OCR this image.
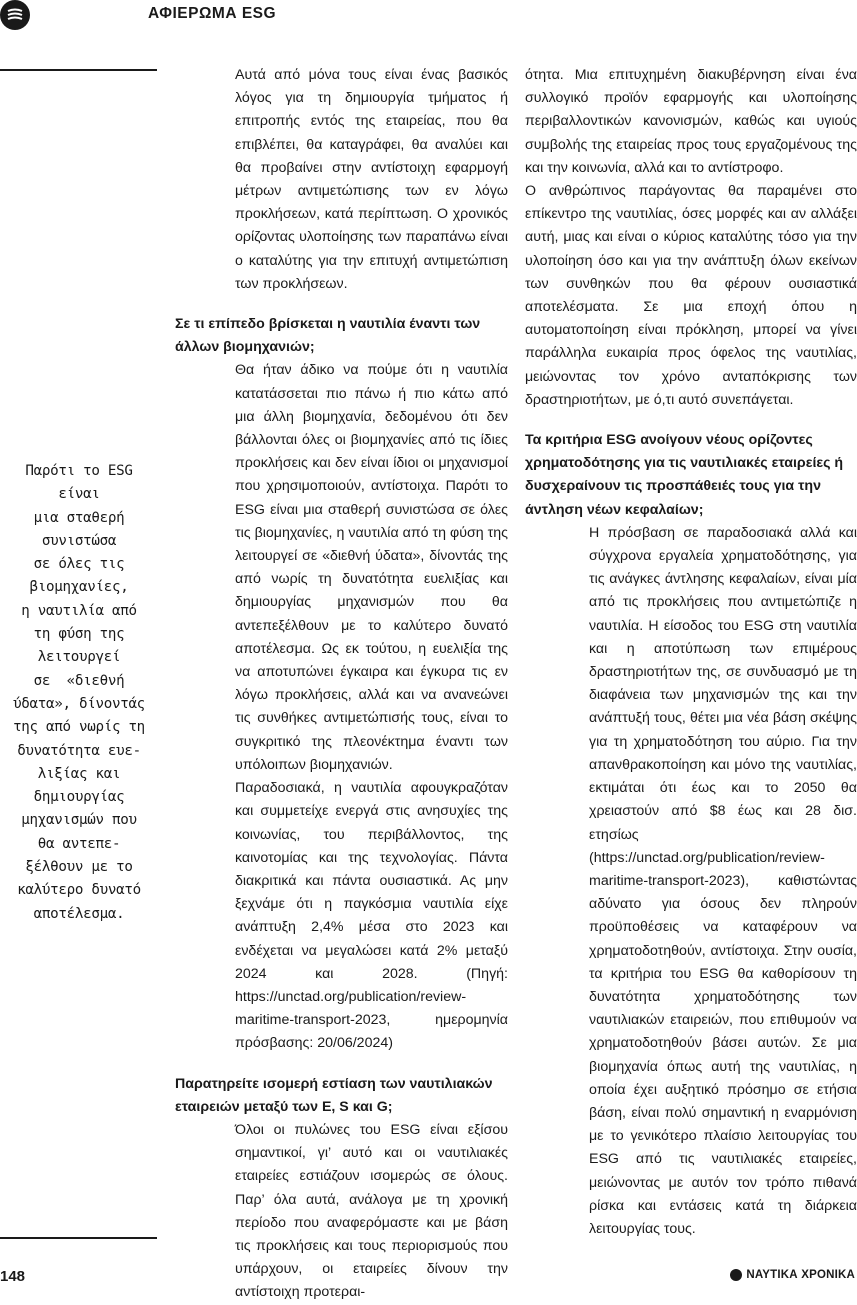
ΑΦΙΕΡΩΜΑ ESG
Παρότι το ESG
είναι
μια σταθερή
συνιστώσα
σε όλες τις
βιομηχανίες,
η ναυτιλία από
τη φύση της
λειτουργεί
σε  «διεθνή
ύδατα», δίνοντάς
της από νωρίς τη
δυνατότητα ευε-
λιξίας και
δημιουργίας
μηχανισμών που
θα αντεπε-
ξέλθουν με το
καλύτερο δυνατό
αποτέλεσμα.

Αυτά από μόνα τους είναι ένας βασικός λόγος για τη δημιουργία τμήματος ή επιτροπής εντός της εταιρείας, που θα επιβλέπει, θα καταγράφει, θα αναλύει και θα προβαίνει στην αντίστοιχη εφαρμογή μέτρων αντιμετώπισης των εν λόγω προκλήσεων, κατά περίπτωση. Ο χρονικός ορίζοντας υλοποίησης των παραπάνω είναι ο καταλύτης για την επιτυχή αντιμετώπιση των προκλήσεων.

Σε τι επίπεδο βρίσκεται η ναυτιλία έναντι των άλλων βιομηχανιών;

Θα ήταν άδικο να πούμε ότι η ναυτιλία κατατάσσεται πιο πάνω ή πιο κάτω από μια άλλη βιομηχανία, δεδομένου ότι δεν βάλλονται όλες οι βιομηχανίες από τις ίδιες προκλήσεις και δεν είναι ίδιοι οι μηχανισμοί που χρησιμοποιούν, αντίστοιχα. Παρότι το ESG είναι μια σταθερή συνιστώσα σε όλες τις βιομηχανίες, η ναυτιλία από τη φύση της λειτουργεί σε «διεθνή ύδατα», δίνοντάς της από νωρίς τη δυνατότητα ευελιξίας και δημιουργίας μηχανισμών που θα αντεπεξέλθουν με το καλύτερο δυνατό αποτέλεσμα. Ως εκ τούτου, η ευελιξία της να αποτυπώνει έγκαιρα και έγκυρα τις εν λόγω προκλήσεις, αλλά και να ανανεώνει τις συνθήκες αντιμετώπισής τους, είναι το συγκριτικό της πλεονέκτημα έναντι των υπόλοιπων βιομηχανιών.

Παραδοσιακά, η ναυτιλία αφουγκραζόταν και συμμετείχε ενεργά στις ανησυχίες της κοινωνίας, του περιβάλλοντος, της καινοτομίας και της τεχνολογίας. Πάντα διακριτικά και πάντα ουσιαστικά. Ας μην ξεχνάμε ότι η παγκόσμια ναυτιλία είχε ανάπτυξη 2,4% μέσα στο 2023 και ενδέχεται να μεγαλώσει κατά 2% μεταξύ 2024 και 2028. (Πηγή: https://unctad.org/publication/review-maritime-transport-2023, ημερομηνία πρόσβασης: 20/06/2024)

Παρατηρείτε ισομερή εστίαση των ναυτιλιακών εταιρειών μεταξύ των E, S και G;

Όλοι οι πυλώνες του ESG είναι εξίσου σημαντικοί, γι’ αυτό και οι ναυτιλιακές εταιρείες εστιάζουν ισομερώς σε όλους. Παρ’ όλα αυτά, ανάλογα με τη χρονική περίοδο που αναφερόμαστε και με βάση τις προκλήσεις και τους περιορισμούς που υπάρχουν, οι εταιρείες δίνουν την αντίστοιχη προτεραι-

ότητα. Μια επιτυχημένη διακυβέρνηση είναι ένα συλλογικό προϊόν εφαρμογής και υλοποίησης περιβαλλοντικών κανονισμών, καθώς και υγιούς συμβολής της εταιρείας προς τους εργαζομένους της και την κοινωνία, αλλά και το αντίστροφο.

Ο ανθρώπινος παράγοντας θα παραμένει στο επίκεντρο της ναυτιλίας, όσες μορφές και αν αλλάξει αυτή, μιας και είναι ο κύριος καταλύτης τόσο για την υλοποίηση όσο και για την ανάπτυξη όλων εκείνων των συνθηκών που θα φέρουν ουσιαστικά αποτελέσματα. Σε μια εποχή όπου η αυτοματοποίηση είναι πρόκληση, μπορεί να γίνει παράλληλα ευκαιρία προς όφελος της ναυτιλίας, μειώνοντας τον χρόνο ανταπόκρισης των δραστηριοτήτων, με ό,τι αυτό συνεπάγεται.

Τα κριτήρια ESG ανοίγουν νέους ορίζοντες χρηματοδότησης για τις ναυτιλιακές εταιρείες ή δυσχεραίνουν τις προσπάθειές τους για την άντληση νέων κεφαλαίων;

Η πρόσβαση σε παραδοσιακά αλλά και σύγχρονα εργαλεία χρηματοδότησης, για τις ανάγκες άντλησης κεφαλαίων, είναι μία από τις προκλήσεις που αντιμετώπιζε η ναυτιλία. Η είσοδος του ESG στη ναυτιλία και η αποτύπωση των επιμέρους δραστηριοτήτων της, σε συνδυασμό με τη διαφάνεια των μηχανισμών της και την ανάπτυξή τους, θέτει μια νέα βάση σκέψης για τη χρηματοδότηση του αύριο. Για την απανθρακοποίηση και μόνο της ναυτιλίας, εκτιμάται ότι έως και το 2050 θα χρειαστούν από $8 έως και 28 δισ. ετησίως (https://unctad.org/publication/review-maritime-transport-2023), καθιστώντας αδύνατο για όσους δεν πληρούν προϋποθέσεις να καταφέρουν να χρηματοδοτηθούν, αντίστοιχα. Στην ουσία, τα κριτήρια του ESG θα καθορίσουν τη δυνατότητα χρηματοδότησης των ναυτιλιακών εταιρειών, που επιθυμούν να χρηματοδοτηθούν βάσει αυτών. Σε μια βιομηχανία όπως αυτή της ναυτιλίας, η οποία έχει αυξητικό πρόσημο σε ετήσια βάση, είναι πολύ σημαντική η εναρμόνιση με το γενικότερο πλαίσιο λειτουργίας του ESG από τις ναυτιλιακές εταιρείες, μειώνοντας με αυτόν τον τρόπο πιθανά ρίσκα και εντάσεις κατά τη διάρκεια λειτουργίας τους.

148	ΝΑΥΤΙΚΑ ΧΡΟΝΙΚΑ
